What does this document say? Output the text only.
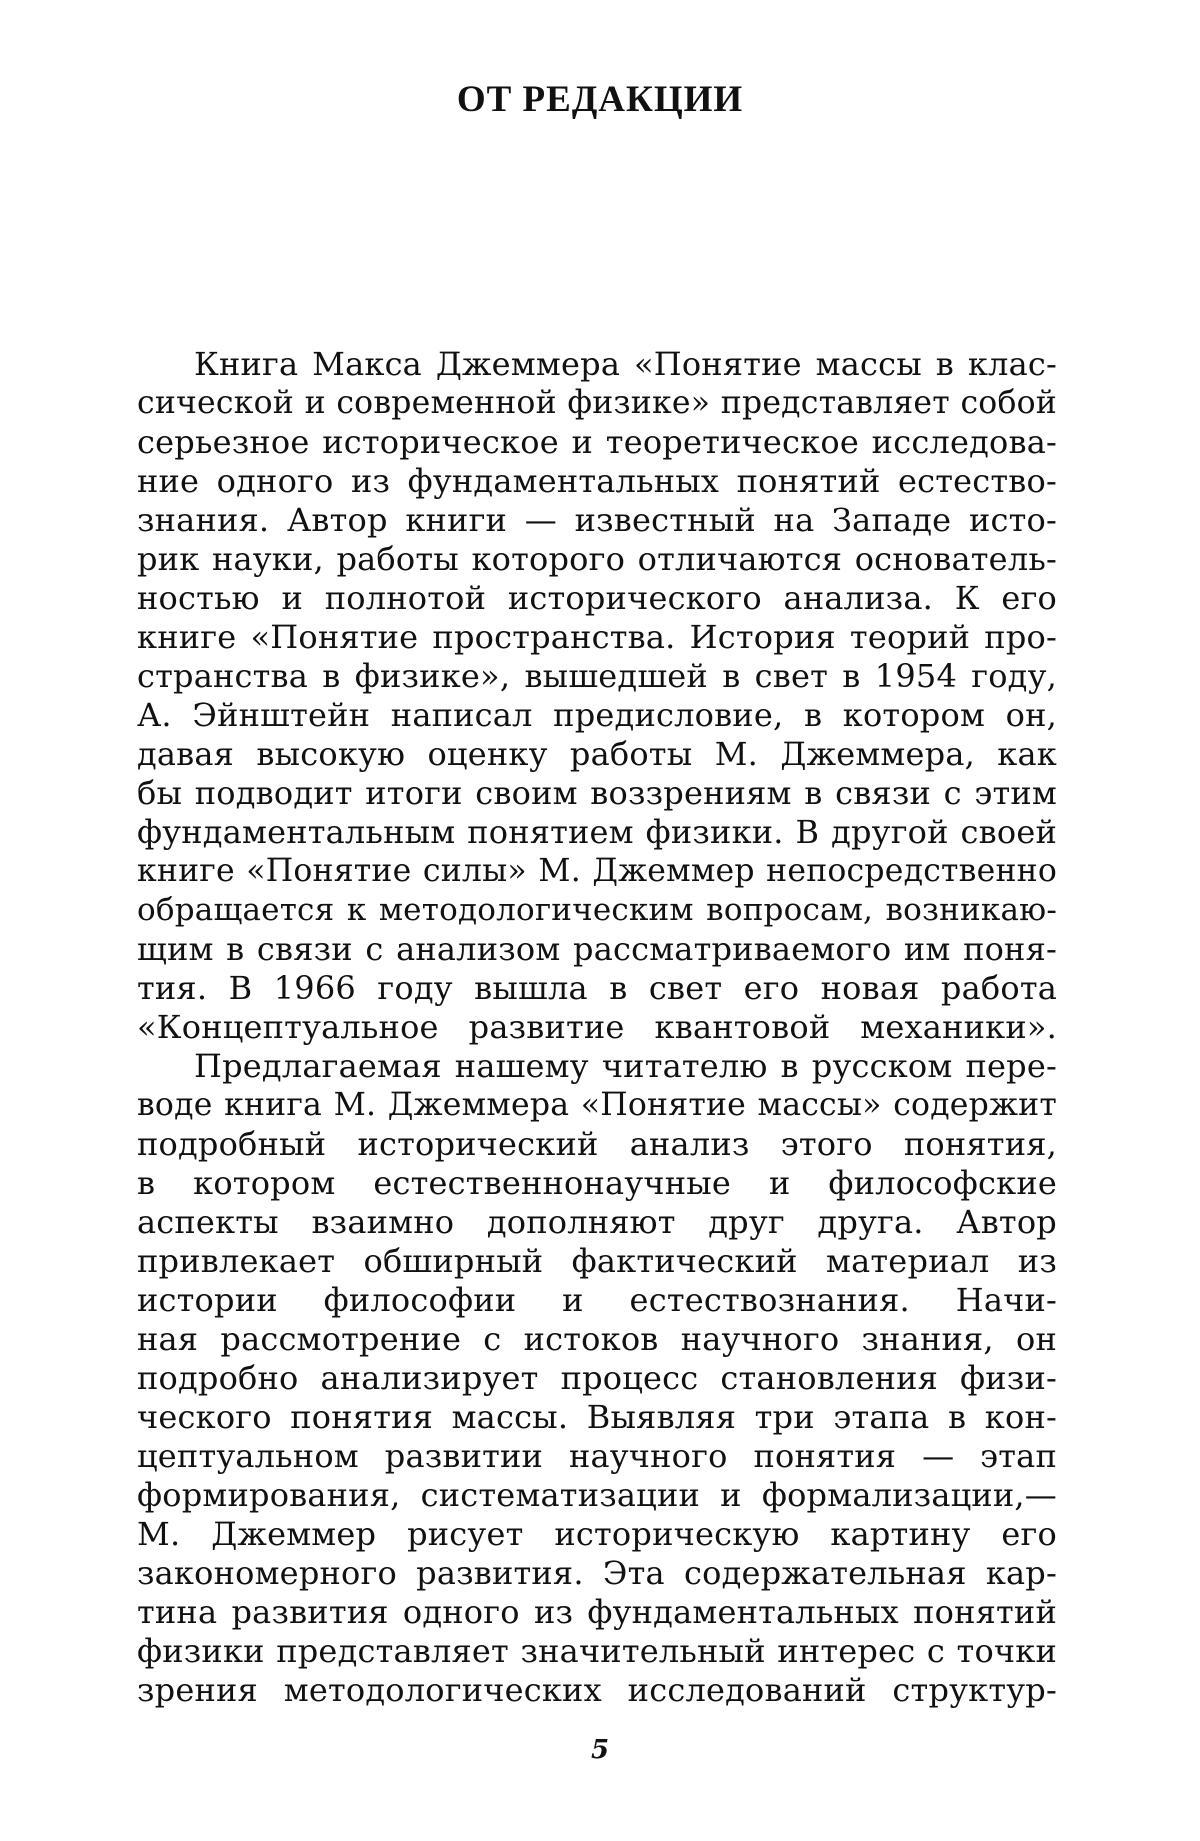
ОТ РЕДАКЦИИ
Книга Макса Джеммера «Понятие массы в клас-
сической и современной физике» представляет собой
серьезное историческое и теоретическое исследова-
ние одного из фундаментальных понятий естество-
знания. Автор книги — известный на Западе исто-
рик науки, работы которого отличаются основатель-
ностью и полнотой исторического анализа. К его
книге «Понятие пространства. История теорий про-
странства в физике», вышедшей в свет в 1954 году,
А. Эйнштейн написал предисловие, в котором он,
давая высокую оценку работы М. Джеммера, как
бы подводит итоги своим воззрениям в связи с этим
фундаментальным понятием физики. В другой своей
книге «Понятие силы» М. Джеммер непосредственно
обращается к методологическим вопросам, возникаю-
щим в связи с анализом рассматриваемого им поня-
тия. В 1966 году вышла в свет его новая работа
«Концептуальное развитие квантовой механики».
Предлагаемая нашему читателю в русском пере-
воде книга М. Джеммера «Понятие массы» содержит
подробный исторический анализ этого понятия,
в котором естественнонаучные и философские
аспекты взаимно дополняют друг друга. Автор
привлекает обширный фактический материал из
истории философии и естествознания. Начи-
ная рассмотрение с истоков научного знания, он
подробно анализирует процесс становления физи-
ческого понятия массы. Выявляя три этапа в кон-
цептуальном развитии научного понятия — этап
формирования, систематизации и формализации,—
М. Джеммер рисует историческую картину его
закономерного развития. Эта содержательная кар-
тина развития одного из фундаментальных понятий
физики представляет значительный интерес с точки
зрения методологических исследований структур-
5
